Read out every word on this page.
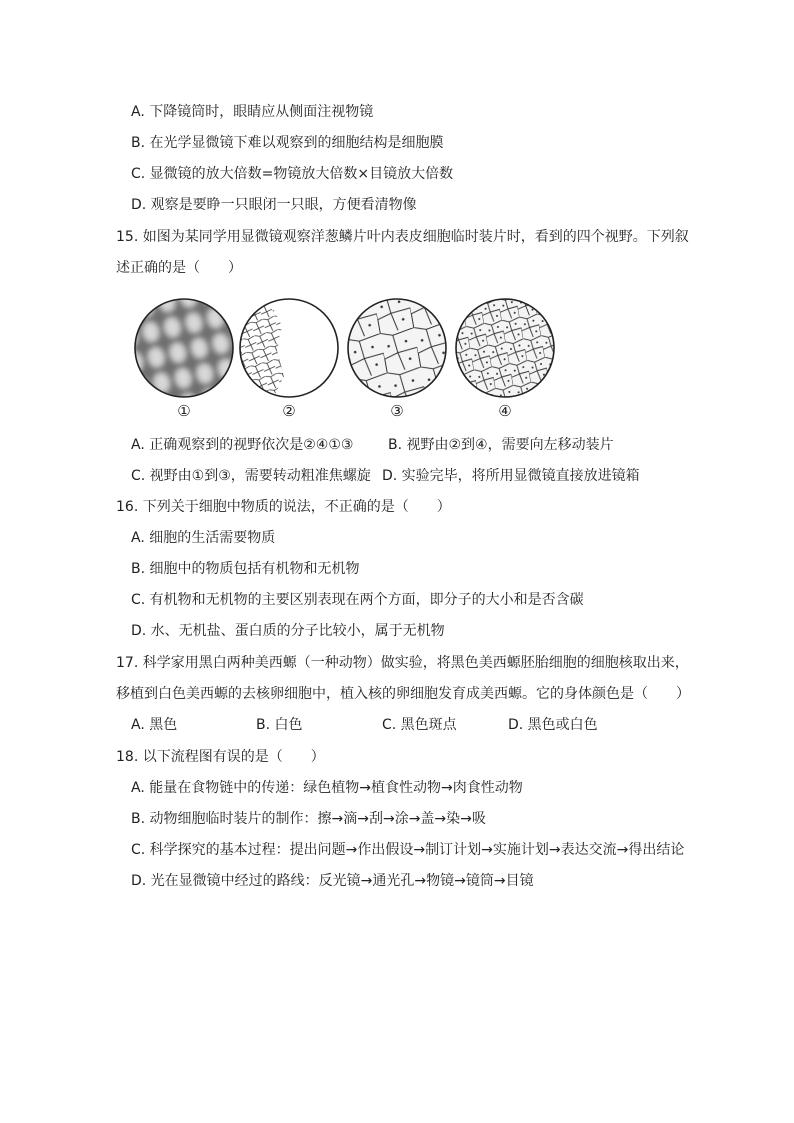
A. 下降镜筒时，眼睛应从侧面注视物镜
B. 在光学显微镜下难以观察到的细胞结构是细胞膜
C. 显微镜的放大倍数=物镜放大倍数×目镜放大倍数
D. 观察是要睁一只眼闭一只眼，方便看清物像
15. 如图为某同学用显微镜观察洋葱鳞片叶内表皮细胞临时装片时，看到的四个视野。下列叙
述正确的是（　　）
①	②	③	④
A. 正确观察到的视野依次是②④①③ B. 视野由②到④，需要向左移动装片
C. 视野由①到③，需要转动粗准焦螺旋 D. 实验完毕，将所用显微镜直接放进镜箱
16. 下列关于细胞中物质的说法，不正确的是（　　）
A. 细胞的生活需要物质
B. 细胞中的物质包括有机物和无机物
C. 有机物和无机物的主要区别表现在两个方面，即分子的大小和是否含碳
D. 水、无机盐、蛋白质的分子比较小，属于无机物
17. 科学家用黑白两种美西螈（一种动物）做实验，将黑色美西螈胚胎细胞的细胞核取出来，
移植到白色美西螈的去核卵细胞中，植入核的卵细胞发育成美西螈。它的身体颜色是（　　）
A. 黑色	B. 白色	C. 黑色斑点	D. 黑色或白色
18. 以下流程图有误的是（　　）
A. 能量在食物链中的传递：绿色植物→植食性动物→肉食性动物
B. 动物细胞临时装片的制作：擦→滴→刮→涂→盖→染→吸
C. 科学探究的基本过程：提出问题→作出假设→制订计划→实施计划→表达交流→得出结论
D. 光在显微镜中经过的路线：反光镜→通光孔→物镜→镜筒→目镜
